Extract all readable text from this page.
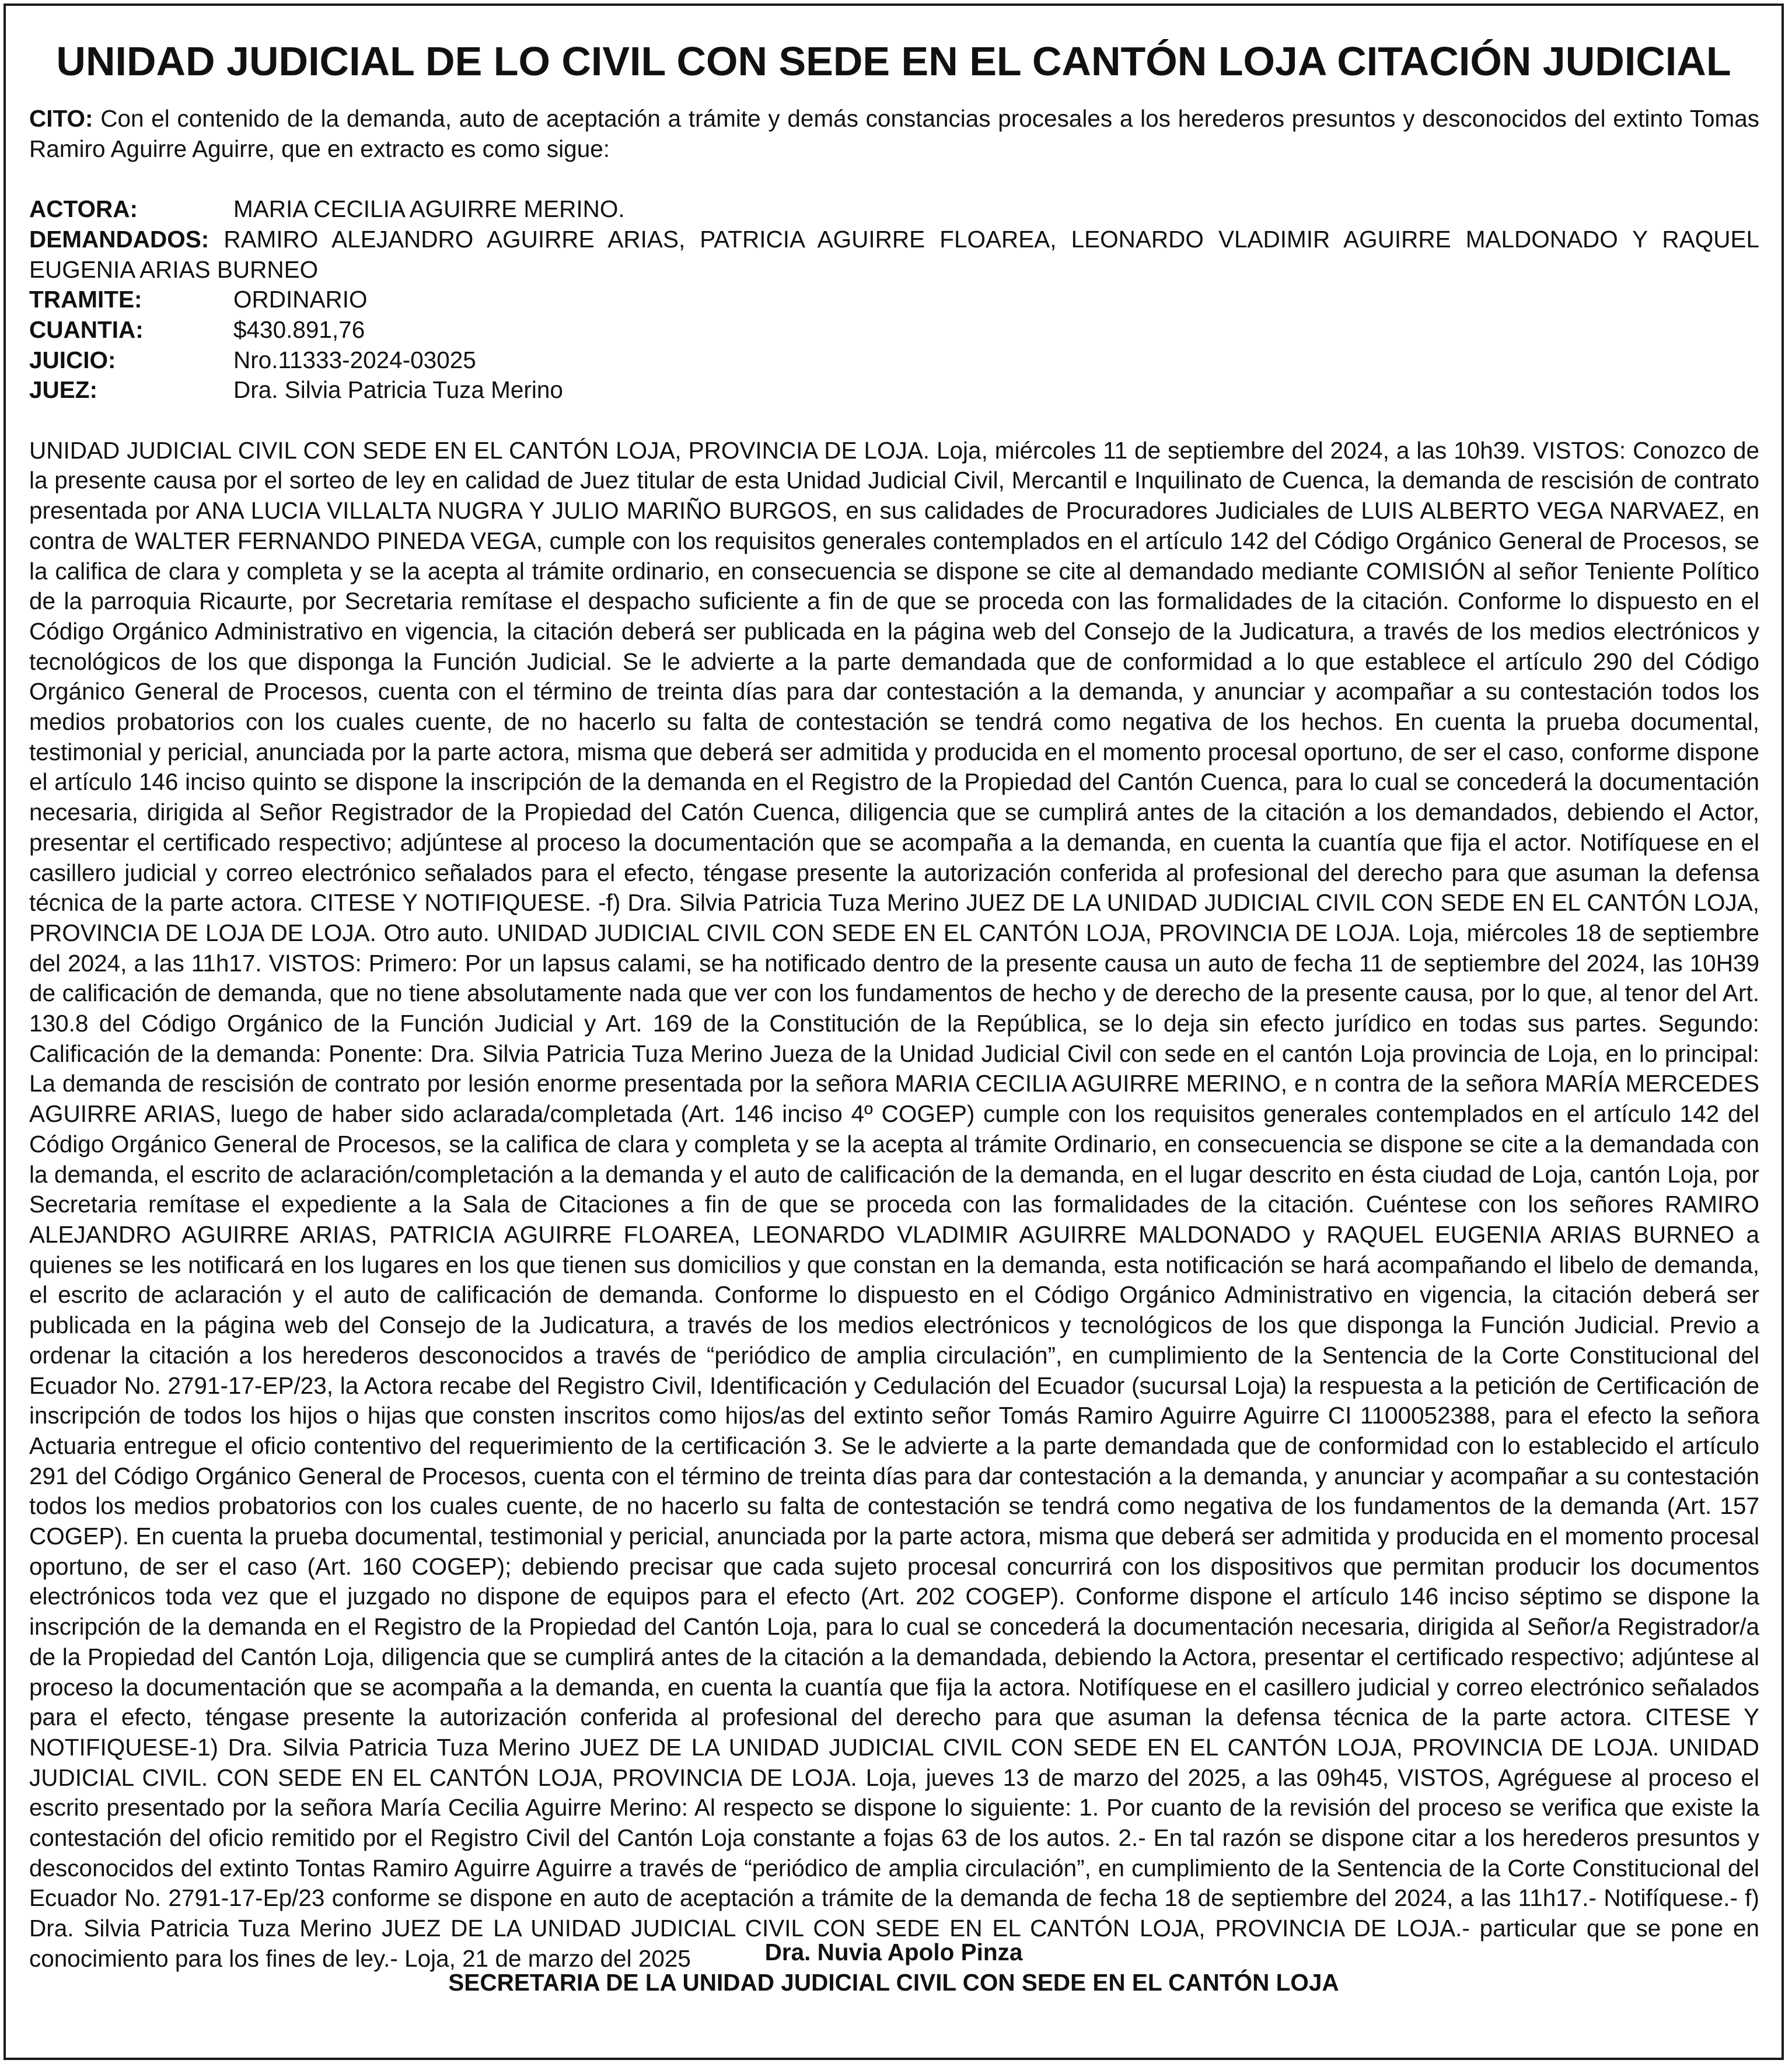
UNIDAD JUDICIAL DE LO CIVIL CON SEDE EN EL CANTÓN LOJA CITACIÓN JUDICIAL

CITO: Con el contenido de la demanda, auto de aceptación a trámite y demás constancias procesales a los herederos presuntos y desconocidos del extinto Tomas Ramiro Aguirre Aguirre, que en extracto es como sigue:

ACTORA:	MARIA CECILIA AGUIRRE MERINO.
DEMANDADOS: RAMIRO ALEJANDRO AGUIRRE ARIAS, PATRICIA AGUIRRE FLOAREA, LEONARDO VLADIMIR AGUIRRE MALDONADO Y RAQUEL EUGENIA ARIAS BURNEO
TRAMITE:	ORDINARIO
CUANTIA:	$430.891,76
JUICIO:	Nro.11333-2024-03025
JUEZ:	Dra. Silvia Patricia Tuza Merino

UNIDAD JUDICIAL CIVIL CON SEDE EN EL CANTÓN LOJA, PROVINCIA DE LOJA. Loja, miércoles 11 de septiembre del 2024, a las 10h39. VISTOS: Conozco de la presente causa por el sorteo de ley en calidad de Juez titular de esta Unidad Judicial Civil, Mercantil e Inquilinato de Cuenca, la demanda de rescisión de contrato presentada por ANA LUCIA VILLALTA NUGRA Y JULIO MARIÑO BURGOS, en sus calidades de Procuradores Judiciales de LUIS ALBERTO VEGA NARVAEZ, en contra de WALTER FERNANDO PINEDA VEGA, cumple con los requisitos generales contemplados en el artículo 142 del Código Orgánico General de Procesos, se la califica de clara y completa y se la acepta al trámite ordinario, en consecuencia se dispone se cite al demandado mediante COMISIÓN al señor Teniente Político de la parroquia Ricaurte, por Secretaria remítase el despacho suficiente a fin de que se proceda con las formalidades de la citación. Conforme lo dispuesto en el Código Orgánico Administrativo en vigencia, la citación deberá ser publicada en la página web del Consejo de la Judicatura, a través de los medios electrónicos y tecnológicos de los que disponga la Función Judicial. Se le advierte a la parte demandada que de conformidad a lo que establece el artículo 290 del Código Orgánico General de Procesos, cuenta con el término de treinta días para dar contestación a la demanda, y anunciar y acompañar a su contestación todos los medios probatorios con los cuales cuente, de no hacerlo su falta de contestación se tendrá como negativa de los hechos. En cuenta la prueba documental, testimonial y pericial, anunciada por la parte actora, misma que deberá ser admitida y producida en el momento procesal oportuno, de ser el caso, conforme dispone el artículo 146 inciso quinto se dispone la inscripción de la demanda en el Registro de la Propiedad del Cantón Cuenca, para lo cual se concederá la documentación necesaria, dirigida al Señor Registrador de la Propiedad del Catón Cuenca, diligencia que se cumplirá antes de la citación a los demandados, debiendo el Actor, presentar el certificado respectivo; adjúntese al proceso la documentación que se acompaña a la demanda, en cuenta la cuantía que fija el actor. Notifíquese en el casillero judicial y correo electrónico señalados para el efecto, téngase presente la autorización conferida al profesional del derecho para que asuman la defensa técnica de la parte actora. CITESE Y NOTIFIQUESE. -f) Dra. Silvia Patricia Tuza Merino JUEZ DE LA UNIDAD JUDICIAL CIVIL CON SEDE EN EL CANTÓN LOJA, PROVINCIA DE LOJA DE LOJA. Otro auto. UNIDAD JUDICIAL CIVIL CON SEDE EN EL CANTÓN LOJA, PROVINCIA DE LOJA. Loja, miércoles 18 de septiembre del 2024, a las 11h17. VISTOS: Primero: Por un lapsus calami, se ha notificado dentro de la presente causa un auto de fecha 11 de septiembre del 2024, las 10H39 de calificación de demanda, que no tiene absolutamente nada que ver con los fundamentos de hecho y de derecho de la presente causa, por lo que, al tenor del Art. 130.8 del Código Orgánico de la Función Judicial y Art. 169 de la Constitución de la República, se lo deja sin efecto jurídico en todas sus partes. Segundo: Calificación de la demanda: Ponente: Dra. Silvia Patricia Tuza Merino Jueza de la Unidad Judicial Civil con sede en el cantón Loja provincia de Loja, en lo principal: La demanda de rescisión de contrato por lesión enorme presentada por la señora MARIA CECILIA AGUIRRE MERINO, e n contra de la señora MARÍA MERCEDES AGUIRRE ARIAS, luego de haber sido aclarada/completada (Art. 146 inciso 4º COGEP) cumple con los requisitos generales contemplados en el artículo 142 del Código Orgánico General de Procesos, se la califica de clara y completa y se la acepta al trámite Ordinario, en consecuencia se dispone se cite a la demandada con la demanda, el escrito de aclaración/completación a la demanda y el auto de calificación de la demanda, en el lugar descrito en ésta ciudad de Loja, cantón Loja, por Secretaria remítase el expediente a la Sala de Citaciones a fin de que se proceda con las formalidades de la citación. Cuéntese con los señores RAMIRO ALEJANDRO AGUIRRE ARIAS, PATRICIA AGUIRRE FLOAREA, LEONARDO VLADIMIR AGUIRRE MALDONADO y RAQUEL EUGENIA ARIAS BURNEO a quienes se les notificará en los lugares en los que tienen sus domicilios y que constan en la demanda, esta notificación se hará acompañando el libelo de demanda, el escrito de aclaración y el auto de calificación de demanda. Conforme lo dispuesto en el Código Orgánico Administrativo en vigencia, la citación deberá ser publicada en la página web del Consejo de la Judicatura, a través de los medios electrónicos y tecnológicos de los que disponga la Función Judicial. Previo a ordenar la citación a los herederos desconocidos a través de “periódico de amplia circulación”, en cumplimiento de la Sentencia de la Corte Constitucional del Ecuador No. 2791-17-EP/23, la Actora recabe del Registro Civil, Identificación y Cedulación del Ecuador (sucursal Loja) la respuesta a la petición de Certificación de inscripción de todos los hijos o hijas que consten inscritos como hijos/as del extinto señor Tomás Ramiro Aguirre Aguirre CI 1100052388, para el efecto la señora Actuaria entregue el oficio contentivo del requerimiento de la certificación 3. Se le advierte a la parte demandada que de conformidad con lo establecido el artículo 291 del Código Orgánico General de Procesos, cuenta con el término de treinta días para dar contestación a la demanda, y anunciar y acompañar a su contestación todos los medios probatorios con los cuales cuente, de no hacerlo su falta de contestación se tendrá como negativa de los fundamentos de la demanda (Art. 157 COGEP). En cuenta la prueba documental, testimonial y pericial, anunciada por la parte actora, misma que deberá ser admitida y producida en el momento procesal oportuno, de ser el caso (Art. 160 COGEP); debiendo precisar que cada sujeto procesal concurrirá con los dispositivos que permitan producir los documentos electrónicos toda vez que el juzgado no dispone de equipos para el efecto (Art. 202 COGEP). Conforme dispone el artículo 146 inciso séptimo se dispone la inscripción de la demanda en el Registro de la Propiedad del Cantón Loja, para lo cual se concederá la documentación necesaria, dirigida al Señor/a Registrador/a de la Propiedad del Cantón Loja, diligencia que se cumplirá antes de la citación a la demandada, debiendo la Actora, presentar el certificado respectivo; adjúntese al proceso la documentación que se acompaña a la demanda, en cuenta la cuantía que fija la actora. Notifíquese en el casillero judicial y correo electrónico señalados para el efecto, téngase presente la autorización conferida al profesional del derecho para que asuman la defensa técnica de la parte actora. CITESE Y NOTIFIQUESE-1) Dra. Silvia Patricia Tuza Merino JUEZ DE LA UNIDAD JUDICIAL CIVIL CON SEDE EN EL CANTÓN LOJA, PROVINCIA DE LOJA. UNIDAD JUDICIAL CIVIL. CON SEDE EN EL CANTÓN LOJA, PROVINCIA DE LOJA. Loja, jueves 13 de marzo del 2025, a las 09h45, VISTOS, Agréguese al proceso el escrito presentado por la señora María Cecilia Aguirre Merino: Al respecto se dispone lo siguiente: 1. Por cuanto de la revisión del proceso se verifica que existe la contestación del oficio remitido por el Registro Civil del Cantón Loja constante a fojas 63 de los autos. 2.- En tal razón se dispone citar a los herederos presuntos y desconocidos del extinto Tontas Ramiro Aguirre Aguirre a través de “periódico de amplia circulación”, en cumplimiento de la Sentencia de la Corte Constitucional del Ecuador No. 2791-17-Ep/23 conforme se dispone en auto de aceptación a trámite de la demanda de fecha 18 de septiembre del 2024, a las 11h17.- Notifíquese.- f) Dra. Silvia Patricia Tuza Merino JUEZ DE LA UNIDAD JUDICIAL CIVIL CON SEDE EN EL CANTÓN LOJA, PROVINCIA DE LOJA.- particular que se pone en conocimiento para los fines de ley.- Loja, 21 de marzo del 2025	Dra. Nuvia Apolo Pinza
SECRETARIA DE LA UNIDAD JUDICIAL CIVIL CON SEDE EN EL CANTÓN LOJA
